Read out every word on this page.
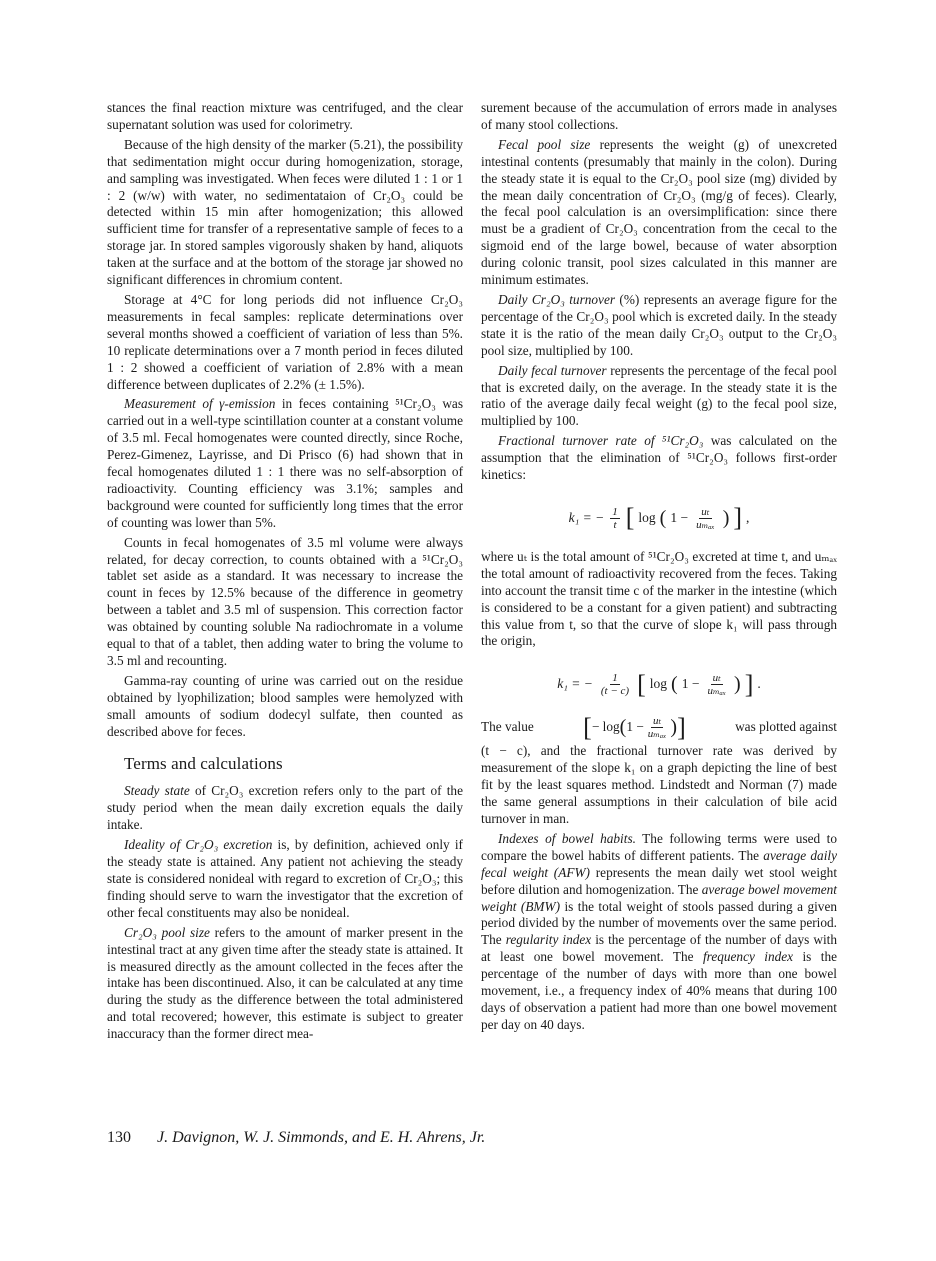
stances the final reaction mixture was centrifuged, and the clear supernatant solution was used for colorimetry.

Because of the high density of the marker (5.21), the possibility that sedimentation might occur during homogenization, storage, and sampling was investigated. When feces were diluted 1 : 1 or 1 : 2 (w/w) with water, no sedimentataion of Cr₂O₃ could be detected within 15 min after homogenization; this allowed sufficient time for transfer of a representative sample of feces to a storage jar. In stored samples vigorously shaken by hand, aliquots taken at the surface and at the bottom of the storage jar showed no significant differences in chromium content.

Storage at 4°C for long periods did not influence Cr₂O₃ measurements in fecal samples: replicate determinations over several months showed a coefficient of variation of less than 5%. 10 replicate determinations over a 7 month period in feces diluted 1 : 2 showed a coefficient of variation of 2.8% with a mean difference between duplicates of 2.2% (± 1.5%).

Measurement of γ-emission in feces containing ⁵¹Cr₂O₃ was carried out in a well-type scintillation counter at a constant volume of 3.5 ml. Fecal homogenates were counted directly, since Roche, Perez-Gimenez, Layrisse, and Di Prisco (6) had shown that in fecal homogenates diluted 1 : 1 there was no self-absorption of radioactivity. Counting efficiency was 3.1%; samples and background were counted for sufficiently long times that the error of counting was lower than 5%.

Counts in fecal homogenates of 3.5 ml volume were always related, for decay correction, to counts obtained with a ⁵¹Cr₂O₃ tablet set aside as a standard. It was necessary to increase the count in feces by 12.5% because of the difference in geometry between a tablet and 3.5 ml of suspension. This correction factor was obtained by counting soluble Na radiochromate in a volume equal to that of a tablet, then adding water to bring the volume to 3.5 ml and recounting.

Gamma-ray counting of urine was carried out on the residue obtained by lyophilization; blood samples were hemolyzed with small amounts of sodium dodecyl sulfate, then counted as described above for feces.

Terms and calculations

Steady state of Cr₂O₃ excretion refers only to the part of the study period when the mean daily excretion equals the daily intake.

Ideality of Cr₂O₃ excretion is, by definition, achieved only if the steady state is attained. Any patient not achieving the steady state is considered nonideal with regard to excretion of Cr₂O₃; this finding should serve to warn the investigator that the excretion of other fecal constituents may also be nonideal.

Cr₂O₃ pool size refers to the amount of marker present in the intestinal tract at any given time after the steady state is attained. It is measured directly as the amount collected in the feces after the intake has been discontinued. Also, it can be calculated at any time during the study as the difference between the total administered and total recovered; however, this estimate is subject to greater inaccuracy than the former direct mea-

surement because of the accumulation of errors made in analyses of many stool collections.

Fecal pool size represents the weight (g) of unexcreted intestinal contents (presumably that mainly in the colon). During the steady state it is equal to the Cr₂O₃ pool size (mg) divided by the mean daily concentration of Cr₂O₃ (mg/g of feces). Clearly, the fecal pool calculation is an oversimplification: since there must be a gradient of Cr₂O₃ concentration from the cecal to the sigmoid end of the large bowel, because of water absorption during colonic transit, pool sizes calculated in this manner are minimum estimates.

Daily Cr₂O₃ turnover (%) represents an average figure for the percentage of the Cr₂O₃ pool which is excreted daily. In the steady state it is the ratio of the mean daily Cr₂O₃ output to the Cr₂O₃ pool size, multiplied by 100.

Daily fecal turnover represents the percentage of the fecal pool that is excreted daily, on the average. In the steady state it is the ratio of the average daily fecal weight (g) to the fecal pool size, multiplied by 100.

Fractional turnover rate of ⁵¹Cr₂O₃ was calculated on the assumption that the elimination of ⁵¹Cr₂O₃ follows first-order kinetics:

k₁ = − $\frac{1}{t}$ [ log ( $1 - \frac{\text{uₜ}}{\text{uₘₐₓ}}$ ) ] ,

where uₜ is the total amount of ⁵¹Cr₂O₃ excreted at time t, and uₘₐₓ the total amount of radioactivity recovered from the feces. Taking into account the transit time c of the marker in the intestine (which is considered to be a constant for a given patient) and subtracting this value from t, so that the curve of slope k₁ will pass through the origin,

k₁ = − $\frac{1}{(t - c)}$ [ log ( $1 - \frac{\text{uₜ}}{\text{uₘₐₓ}}$ ) ] .

The value [ − log ( $1 - \frac{\text{uₜ}}{\text{uₘₐₓ}}$ ) ]	was plotted against

(t − c), and the fractional turnover rate was derived by measurement of the slope k₁ on a graph depicting the line of best fit by the least squares method. Lindstedt and Norman (7) made the same general assumptions in their calculation of bile acid turnover in man.

Indexes of bowel habits. The following terms were used to compare the bowel habits of different patients. The average daily fecal weight (AFW) represents the mean daily wet stool weight before dilution and homogenization. The average bowel movement weight (BMW) is the total weight of stools passed during a given period divided by the number of movements over the same period. The regularity index is the percentage of the number of days with at least one bowel movement. The frequency index is the percentage of the number of days with more than one bowel movement, i.e., a frequency index of 40% means that during 100 days of observation a patient had more than one bowel movement per day on 40 days.

130 J. Davignon, W. J. Simmonds, and E. H. Ahrens, Jr.
